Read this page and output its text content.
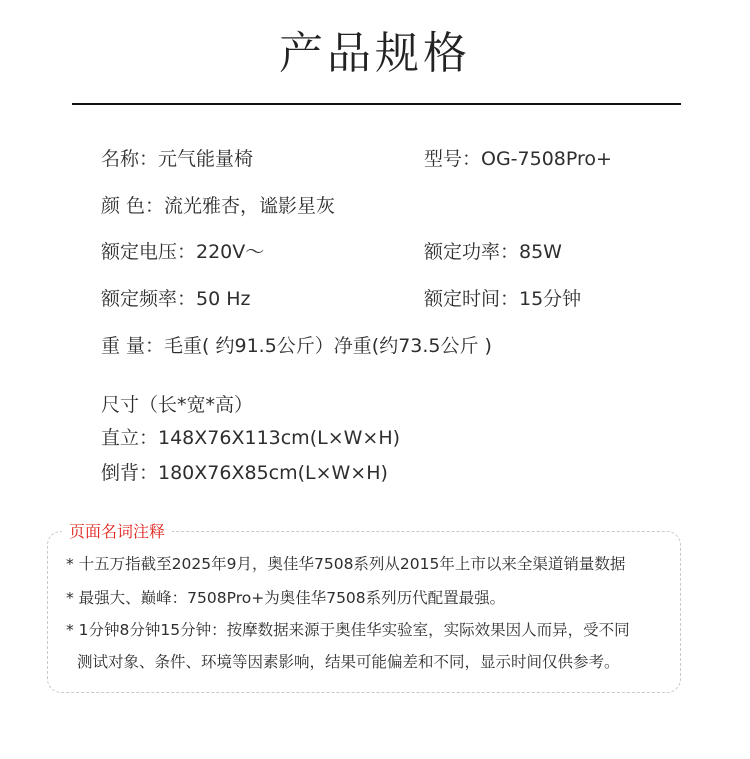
产品规格
名称：元气能量椅	型号：OG-7508Pro+
颜 色：流光雅杏，谧影星灰
额定电压：220V～	额定功率：85W
额定频率：50 Hz	额定时间：15分钟
重 量：毛重( 约91.5公斤）净重(约73.5公斤 )
尺寸（长*宽*高）
直立：148X76X113cm(L×W×H)
倒背：180X76X85cm(L×W×H)
页面名词注释
* 十五万指截至2025年9月，奥佳华7508系列从2015年上市以来全渠道销量数据
* 最强大、巅峰：7508Pro+为奥佳华7508系列历代配置最强。
* 1分钟8分钟15分钟：按摩数据来源于奥佳华实验室，实际效果因人而异，受不同
测试对象、条件、环境等因素影响，结果可能偏差和不同，显示时间仅供参考。
